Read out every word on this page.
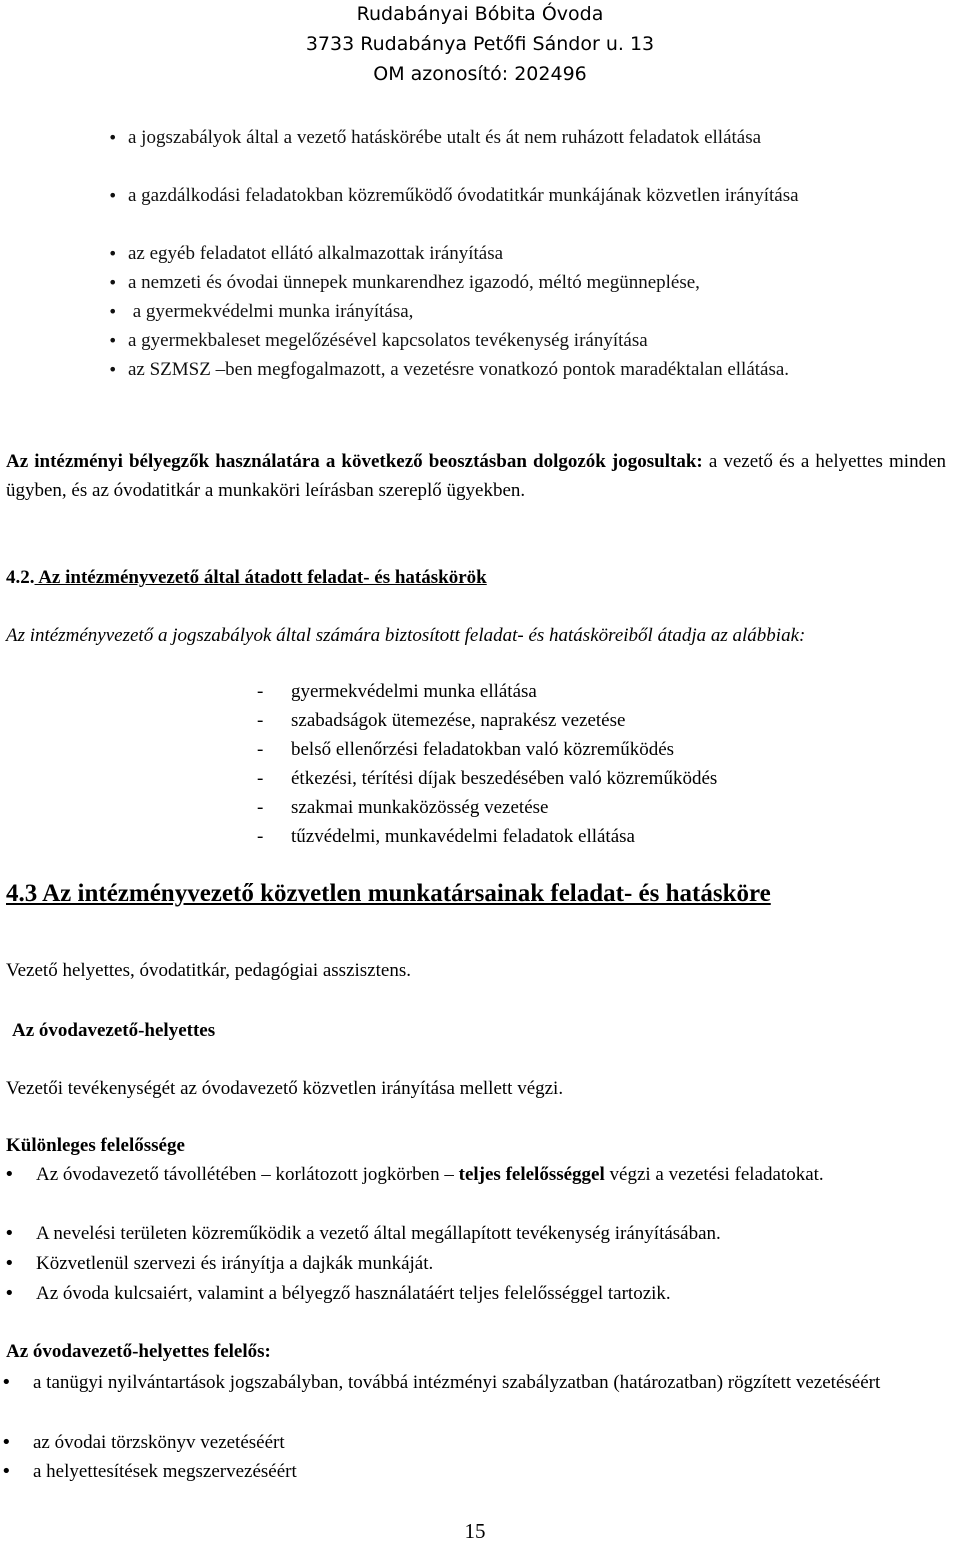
Rudabányai Bóbita Óvoda
3733 Rudabánya Petőfi Sándor u. 13
OM azonosító: 202496
• a jogszabályok által a vezető hatáskörébe utalt és át nem ruházott feladatok ellátása
• a gazdálkodási feladatokban közreműködő óvodatitkár munkájának közvetlen irányítása
• az egyéb feladatot ellátó alkalmazottak irányítása
• a nemzeti és óvodai ünnepek munkarendhez igazodó, méltó megünneplése,
•  a gyermekvédelmi munka irányítása,
• a gyermekbaleset megelőzésével kapcsolatos tevékenység irányítása
• az SZMSZ –ben megfogalmazott, a vezetésre vonatkozó pontok maradéktalan ellátása.
Az intézményi bélyegzők használatára a következő beosztásban dolgozók jogosultak: a vezető és a helyettes minden ügyben, és az óvodatitkár a munkaköri leírásban szereplő ügyekben.
4.2. Az intézményvezető által átadott feladat- és hatáskörök
Az intézményvezető a jogszabályok által számára biztosított feladat- és hatásköreiből átadja az alábbiak:
- gyermekvédelmi munka ellátása
- szabadságok ütemezése, naprakész vezetése
- belső ellenőrzési feladatokban való közreműködés
- étkezési, térítési díjak beszedésében való közreműködés
- szakmai munkaközösség vezetése
- tűzvédelmi, munkavédelmi feladatok ellátása
4.3 Az intézményvezető közvetlen munkatársainak feladat- és hatásköre
Vezető helyettes, óvodatitkár, pedagógiai asszisztens.
Az óvodavezető-helyettes
Vezetői tevékenységét az óvodavezető közvetlen irányítása mellett végzi.
Különleges felelőssége
• Az óvodavezető távollétében – korlátozott jogkörben – teljes felelősséggel végzi a vezetési feladatokat.
• A nevelési területen közreműködik a vezető által megállapított tevékenység irányításában.
• Közvetlenül szervezi és irányítja a dajkák munkáját.
• Az óvoda kulcsaiért, valamint a bélyegző használatáért teljes felelősséggel tartozik.
Az óvodavezető-helyettes felelős:
• a tanügyi nyilvántartások jogszabályban, továbbá intézményi szabályzatban (határozatban) rögzített vezetéséért
• az óvodai törzskönyv vezetéséért
• a helyettesítések megszervezéséért
15
